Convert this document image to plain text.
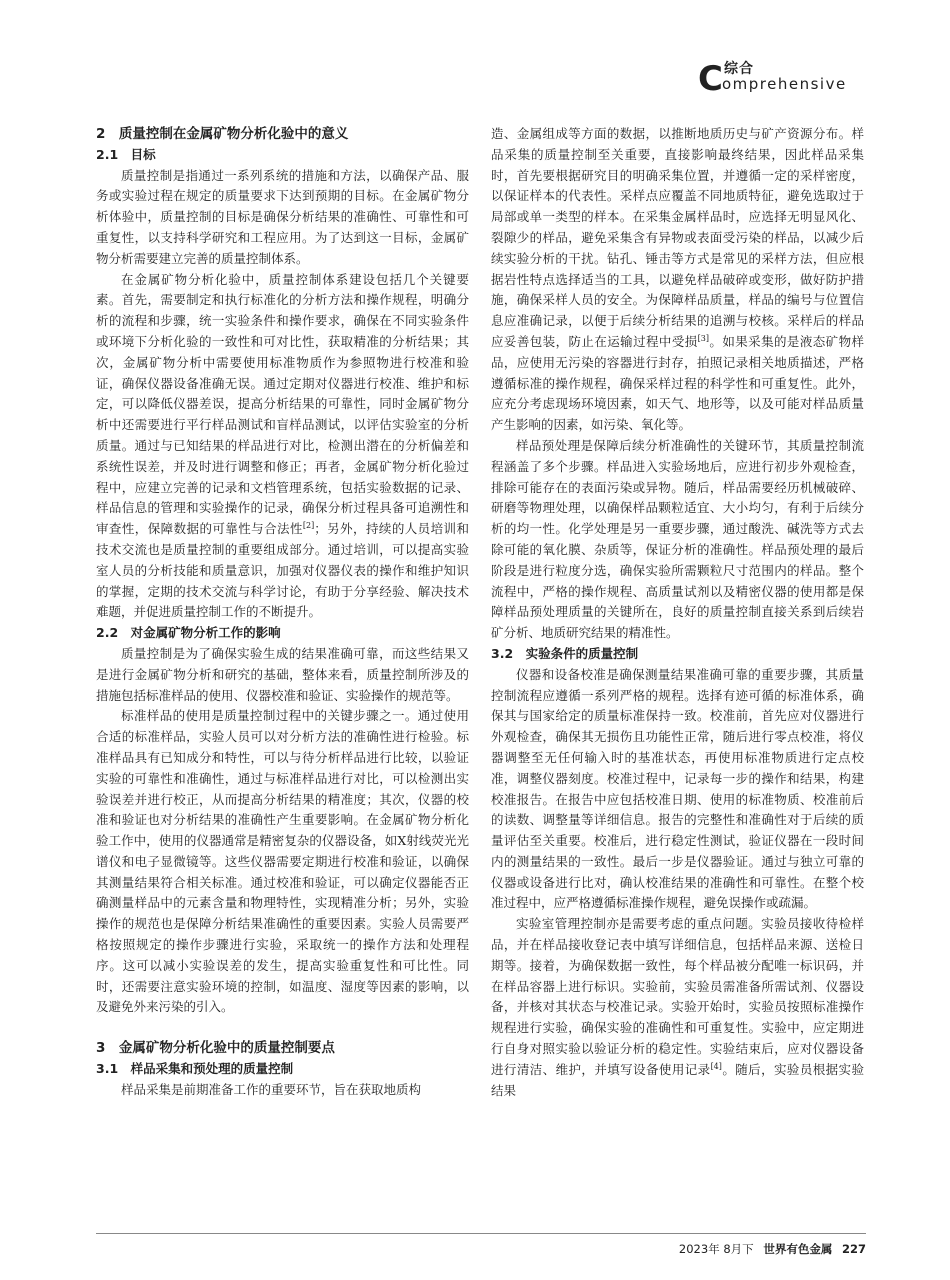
C 综合
omprehensive
2　质量控制在金属矿物分析化验中的意义
2.1　目标

质量控制是指通过一系列系统的措施和方法，以确保产品、服务或实验过程在规定的质量要求下达到预期的目标。在金属矿物分析体验中，质量控制的目标是确保分析结果的准确性、可靠性和可重复性，以支持科学研究和工程应用。为了达到这一目标，金属矿物分析需要建立完善的质量控制体系。

在金属矿物分析化验中，质量控制体系建设包括几个关键要素。首先，需要制定和执行标准化的分析方法和操作规程，明确分析的流程和步骤，统一实验条件和操作要求，确保在不同实验条件或环境下分析化验的一致性和可对比性，获取精准的分析结果；其次，金属矿物分析中需要使用标准物质作为参照物进行校准和验证，确保仪器设备准确无误。通过定期对仪器进行校准、维护和标定，可以降低仪器差误，提高分析结果的可靠性，同时金属矿物分析中还需要进行平行样品测试和盲样品测试，以评估实验室的分析质量。通过与已知结果的样品进行对比，检测出潜在的分析偏差和系统性误差，并及时进行调整和修正；再者，金属矿物分析化验过程中，应建立完善的记录和文档管理系统，包括实验数据的记录、样品信息的管理和实验操作的记录，确保分析过程具备可追溯性和审查性，保障数据的可靠性与合法性[2]；另外，持续的人员培训和技术交流也是质量控制的重要组成部分。通过培训，可以提高实验室人员的分析技能和质量意识，加强对仪器仪表的操作和维护知识的掌握，定期的技术交流与科学讨论，有助于分享经验、解决技术难题，并促进质量控制工作的不断提升。

2.2　对金属矿物分析工作的影响

质量控制是为了确保实验生成的结果准确可靠，而这些结果又是进行金属矿物分析和研究的基础，整体来看，质量控制所涉及的措施包括标准样品的使用、仪器校准和验证、实验操作的规范等。

标准样品的使用是质量控制过程中的关键步骤之一。通过使用合适的标准样品，实验人员可以对分析方法的准确性进行检验。标准样品具有已知成分和特性，可以与待分析样品进行比较，以验证实验的可靠性和准确性，通过与标准样品进行对比，可以检测出实验误差并进行校正，从而提高分析结果的精准度；其次，仪器的校准和验证也对分析结果的准确性产生重要影响。在金属矿物分析化验工作中，使用的仪器通常是精密复杂的仪器设备，如X射线荧光光谱仪和电子显微镜等。这些仪器需要定期进行校准和验证，以确保其测量结果符合相关标准。通过校准和验证，可以确定仪器能否正确测量样品中的元素含量和物理特性，实现精准分析；另外，实验操作的规范也是保障分析结果准确性的重要因素。实验人员需要严格按照规定的操作步骤进行实验，采取统一的操作方法和处理程序。这可以减小实验误差的发生，提高实验重复性和可比性。同时，还需要注意实验环境的控制，如温度、湿度等因素的影响，以及避免外来污染的引入。

3　金属矿物分析化验中的质量控制要点
3.1　样品采集和预处理的质量控制

样品采集是前期准备工作的重要环节，旨在获取地质构

造、金属组成等方面的数据，以推断地质历史与矿产资源分布。样品采集的质量控制至关重要，直接影响最终结果，因此样品采集时，首先要根据研究目的明确采集位置，并遵循一定的采样密度，以保证样本的代表性。采样点应覆盖不同地质特征，避免选取过于局部或单一类型的样本。在采集金属样品时，应选择无明显风化、裂隙少的样品，避免采集含有异物或表面受污染的样品，以减少后续实验分析的干扰。钻孔、锤击等方式是常见的采样方法，但应根据岩性特点选择适当的工具，以避免样品破碎或变形，做好防护措施，确保采样人员的安全。为保障样品质量，样品的编号与位置信息应准确记录，以便于后续分析结果的追溯与校核。采样后的样品应妥善包装，防止在运输过程中受损[3]。如果采集的是液态矿物样品，应使用无污染的容器进行封存，拍照记录相关地质描述，严格遵循标准的操作规程，确保采样过程的科学性和可重复性。此外，应充分考虑现场环境因素，如天气、地形等，以及可能对样品质量产生影响的因素，如污染、氧化等。

样品预处理是保障后续分析准确性的关键环节，其质量控制流程涵盖了多个步骤。样品进入实验场地后，应进行初步外观检查，排除可能存在的表面污染或异物。随后，样品需要经历机械破碎、研磨等物理处理，以确保样品颗粒适宜、大小均匀，有利于后续分析的均一性。化学处理是另一重要步骤，通过酸洗、碱洗等方式去除可能的氧化膜、杂质等，保证分析的准确性。样品预处理的最后阶段是进行粒度分选，确保实验所需颗粒尺寸范围内的样品。整个流程中，严格的操作规程、高质量试剂以及精密仪器的使用都是保障样品预处理质量的关键所在，良好的质量控制直接关系到后续岩矿分析、地质研究结果的精准性。

3.2　实验条件的质量控制

仪器和设备校准是确保测量结果准确可靠的重要步骤，其质量控制流程应遵循一系列严格的规程。选择有迹可循的标准体系，确保其与国家给定的质量标准保持一致。校准前，首先应对仪器进行外观检查，确保其无损伤且功能性正常，随后进行零点校准，将仪器调整至无任何输入时的基准状态，再使用标准物质进行定点校准，调整仪器刻度。校准过程中，记录每一步的操作和结果，构建校准报告。在报告中应包括校准日期、使用的标准物质、校准前后的读数、调整量等详细信息。报告的完整性和准确性对于后续的质量评估至关重要。校准后，进行稳定性测试，验证仪器在一段时间内的测量结果的一致性。最后一步是仪器验证。通过与独立可靠的仪器或设备进行比对，确认校准结果的准确性和可靠性。在整个校准过程中，应严格遵循标准操作规程，避免误操作或疏漏。

实验室管理控制亦是需要考虑的重点问题。实验员接收待检样品，并在样品接收登记表中填写详细信息，包括样品来源、送检日期等。接着，为确保数据一致性，每个样品被分配唯一标识码，并在样品容器上进行标识。实验前，实验员需准备所需试剂、仪器设备，并核对其状态与校准记录。实验开始时，实验员按照标准操作规程进行实验，确保实验的准确性和可重复性。实验中，应定期进行自身对照实验以验证分析的稳定性。实验结束后，应对仪器设备进行清洁、维护，并填写设备使用记录[4]。随后，实验员根据实验结果

2023年 8月下 世界有色金属 227
